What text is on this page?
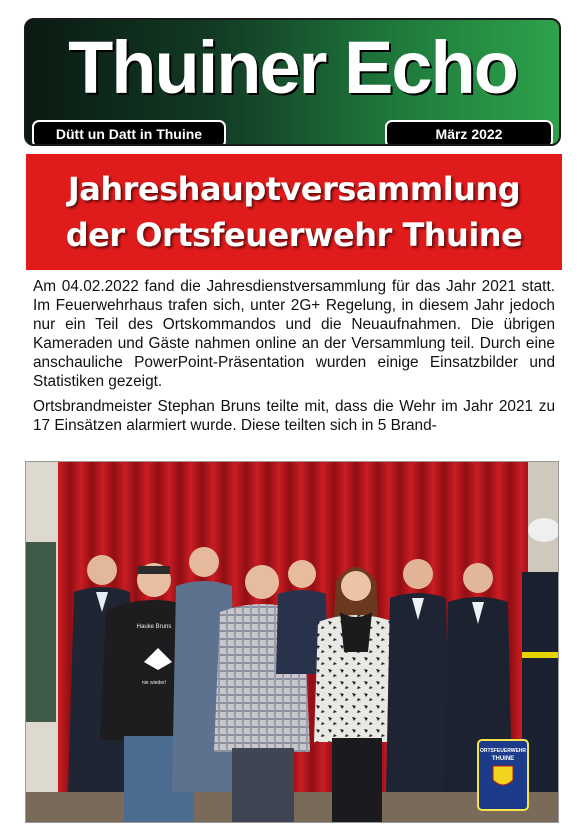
Thuiner Echo
Dütt un Datt in Thuine	März 2022
Jahreshauptversammlung
der Ortsfeuerwehr Thuine

Am 04.02.2022 fand die Jahresdienstversammlung für das Jahr 2021 statt. Im Feuerwehrhaus trafen sich, unter 2G+ Regelung, in diesem Jahr jedoch nur ein Teil des Ortskommandos und die Neuaufnahmen. Die übrigen Kameraden und Gäste nahmen online an der Versammlung teil. Durch eine anschauliche PowerPoint-Präsentation wurden einige Einsatzbilder und Statistiken gezeigt.

Ortsbrandmeister Stephan Bruns teilte mit, dass die Wehr im Jahr 2021 zu 17 Einsätzen alarmiert wurde. Diese teilten sich in 5 Brand-

Hauke Bruns
nie wieder!
ORTSFEUERWEHR
THUINE
